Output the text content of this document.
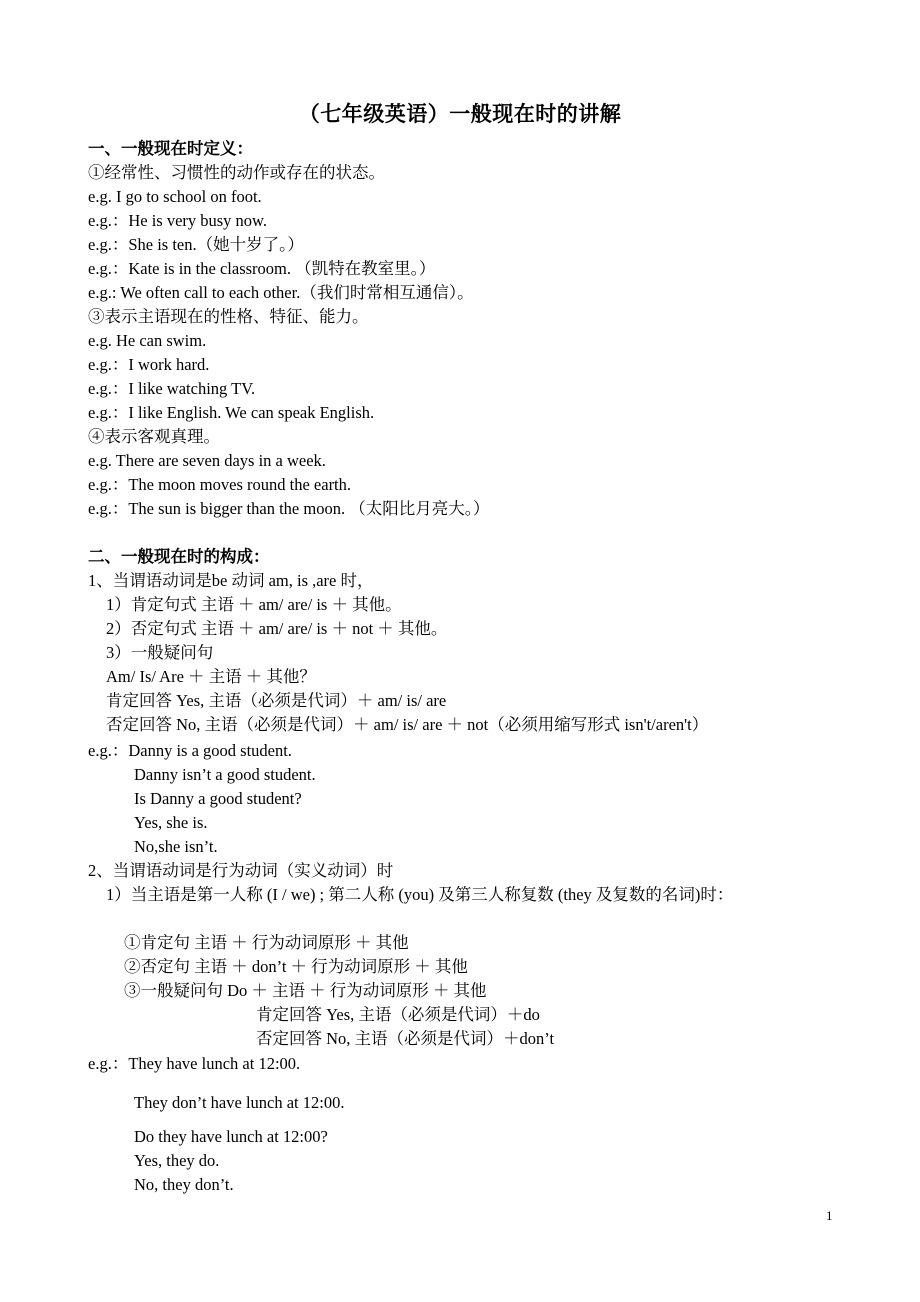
（七年级英语）一般现在时的讲解
一、一般现在时定义：
①经常性、习惯性的动作或存在的状态。
e.g. I go to school on foot.
e.g.：He is very busy now.
e.g.：She is ten.（她十岁了。）
e.g.：Kate is in the classroom. （凯特在教室里。）
e.g.: We often call to each other.（我们时常相互通信）。
③表示主语现在的性格、特征、能力。
e.g. He can swim.
e.g.：I work hard.
e.g.：I like watching TV.
e.g.：I like English. We can speak English.
④表示客观真理。
e.g. There are seven days in a week.
e.g.：The moon moves round the earth.
e.g.：The sun is bigger than the moon. （太阳比月亮大。）
二、一般现在时的构成：
1、当谓语动词是be 动词 am, is ,are 时，
1）肯定句式 主语 ＋ am/ are/ is ＋ 其他。
2）否定句式 主语 ＋ am/ are/ is ＋ not ＋ 其他。
3）一般疑问句
Am/ Is/ Are ＋ 主语 ＋ 其他？
肯定回答 Yes, 主语（必须是代词）＋ am/ is/ are
否定回答 No, 主语（必须是代词）＋ am/ is/ are ＋ not（必须用缩写形式 isn't/aren't）
e.g.：Danny is a good student.
Danny isn’t a good student.
Is Danny a good student?
Yes, she is.
No,she isn’t.
2、当谓语动词是行为动词（实义动词）时
1）当主语是第一人称 (I / we) ; 第二人称 (you) 及第三人称复数 (they 及复数的名词)时：
①肯定句 主语 ＋ 行为动词原形 ＋ 其他
②否定句 主语 ＋ don’t ＋ 行为动词原形 ＋ 其他
③一般疑问句 Do ＋ 主语 ＋ 行为动词原形 ＋ 其他
肯定回答 Yes, 主语（必须是代词）＋do
否定回答 No, 主语（必须是代词）＋don’t
e.g.：They have lunch at 12:00.
They don’t have lunch at 12:00.
Do they have lunch at 12:00?
Yes, they do.
No, they don’t.
1
